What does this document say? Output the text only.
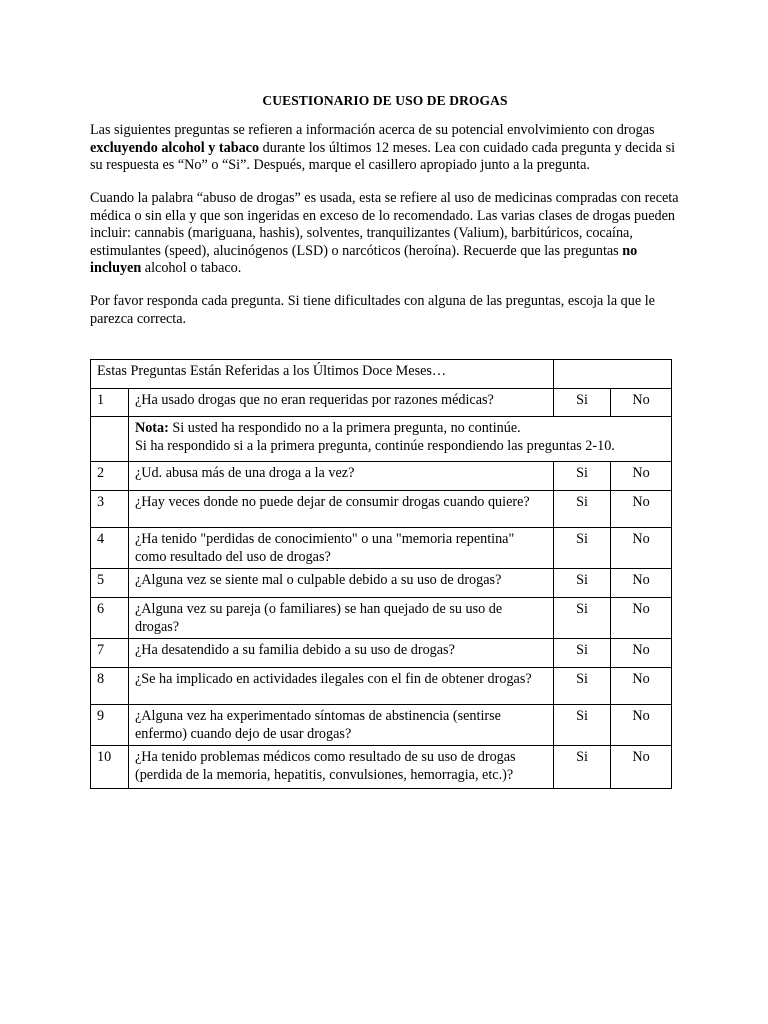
CUESTIONARIO DE USO DE DROGAS
Las siguientes preguntas se refieren a información acerca de su potencial envolvimiento con drogas excluyendo alcohol y tabaco durante los últimos 12 meses. Lea con cuidado cada pregunta y decida si su respuesta es “No” o “Si”. Después, marque el casillero apropiado junto a la pregunta.
Cuando la palabra “abuso de drogas” es usada, esta se refiere al uso de medicinas compradas con receta médica o sin ella y que son ingeridas en exceso de lo recomendado. Las varias clases de drogas pueden incluir: cannabis (mariguana, hashis), solventes, tranquilizantes (Valium), barbitúricos, cocaína, estimulantes (speed), alucinógenos (LSD) o narcóticos (heroína). Recuerde que las preguntas no incluyen alcohol o tabaco.
Por favor responda cada pregunta. Si tiene dificultades con alguna de las preguntas, escoja la que le parezca correcta.
Estas Preguntas Están Referidas a los Últimos Doce Meses…			
1	¿Ha usado drogas que no eran requeridas por razones médicas?	Si	No
	Nota: Si usted ha respondido no a la primera pregunta, no continúe.
Si ha respondido si a la primera pregunta, continúe respondiendo las preguntas 2-10.		
2	¿Ud. abusa más de una droga a la vez?	Si	No
3	¿Hay veces donde no puede dejar de consumir drogas cuando quiere?	Si	No
4	¿Ha tenido "perdidas de conocimiento" o una "memoria repentina" como resultado del uso de drogas?	Si	No
5	¿Alguna vez se siente mal o culpable debido a su uso de drogas?	Si	No
6	¿Alguna vez su pareja (o familiares) se han quejado de su uso de drogas?	Si	No
7	¿Ha desatendido a su familia debido a su uso de drogas?	Si	No
8	¿Se ha implicado en actividades ilegales con el fin de obtener drogas?	Si	No
9	¿Alguna vez ha experimentado síntomas de abstinencia (sentirse enfermo) cuando dejo de usar drogas?	Si	No
10	¿Ha tenido problemas médicos como resultado de su uso de drogas (perdida de la memoria, hepatitis, convulsiones, hemorragia, etc.)?	Si	No
